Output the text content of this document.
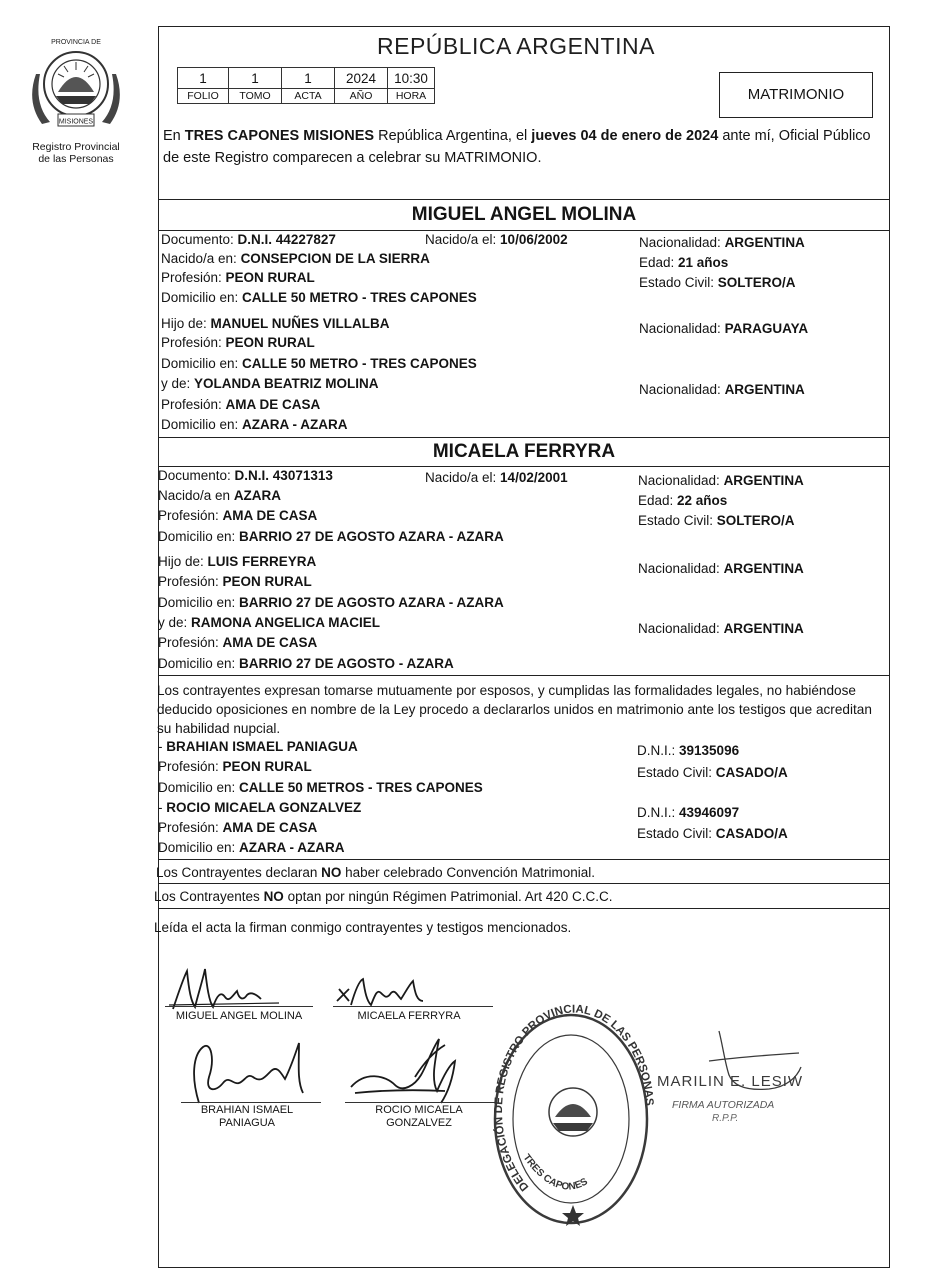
PROVINCIA DE
MISIONES
Registro Provincial
de las Personas
REPÚBLICA ARGENTINA
1	1	1	2024	10:30
FOLIO	TOMO	ACTA	AÑO	HORA	MATRIMONIO
En TRES CAPONES MISIONES República Argentina, el jueves 04 de enero de 2024 ante mí, Oficial Público de este Registro comparecen a celebrar su MATRIMONIO.
MIGUEL ANGEL MOLINA
Documento: D.N.I. 44227827	Nacido/a el: 10/06/2002	Nacionalidad: ARGENTINA
Nacido/a en: CONSEPCION DE LA SIERRA	Edad: 21 años
Profesión: PEON RURAL	Estado Civil: SOLTERO/A
Domicilio en: CALLE 50 METRO - TRES CAPONES
Hijo de: MANUEL NUÑES VILLALBA	Nacionalidad: PARAGUAYA
Profesión: PEON RURAL
Domicilio en: CALLE 50 METRO - TRES CAPONES
y de: YOLANDA BEATRIZ MOLINA	Nacionalidad: ARGENTINA
Profesión: AMA DE CASA
Domicilio en: AZARA - AZARA
MICAELA FERRYRA
Documento: D.N.I. 43071313	Nacido/a el: 14/02/2001	Nacionalidad: ARGENTINA
Nacido/a en AZARA	Edad: 22 años
Profesión: AMA DE CASA	Estado Civil: SOLTERO/A
Domicilio en: BARRIO 27 DE AGOSTO AZARA - AZARA
Hijo de: LUIS FERREYRA	Nacionalidad: ARGENTINA
Profesión: PEON RURAL
Domicilio en: BARRIO 27 DE AGOSTO AZARA - AZARA
y de: RAMONA ANGELICA MACIEL	Nacionalidad: ARGENTINA
Profesión: AMA DE CASA
Domicilio en: BARRIO 27 DE AGOSTO - AZARA
Los contrayentes expresan tomarse mutuamente por esposos, y cumplidas las formalidades legales, no habiéndose deducido oposiciones en nombre de la Ley procedo a declararlos unidos en matrimonio ante los testigos que acreditan su habilidad nupcial.
- BRAHIAN ISMAEL PANIAGUA	D.N.I.: 39135096
Profesión: PEON RURAL	Estado Civil: CASADO/A
Domicilio en: CALLE 50 METROS - TRES CAPONES
- ROCIO MICAELA GONZALVEZ	D.N.I.: 43946097
Profesión: AMA DE CASA	Estado Civil: CASADO/A
Domicilio en: AZARA - AZARA
Los Contrayentes declaran NO haber celebrado Convención Matrimonial.
Los Contrayentes NO optan por ningún Régimen Patrimonial. Art 420 C.C.C.
Leída el acta la firman conmigo contrayentes y testigos mencionados.
MIGUEL ANGEL MOLINA	MICAELA FERRYRA
BRAHIAN ISMAEL
PANIAGUA
ROCIO MICAELA
GONZALVEZ
DELEGACIÓN DE REGISTRO PROVINCIAL DE LAS PERSONAS
TRES CAPONES
MARILIN E. LESIW
FIRMA AUTORIZADA
R.P.P.
